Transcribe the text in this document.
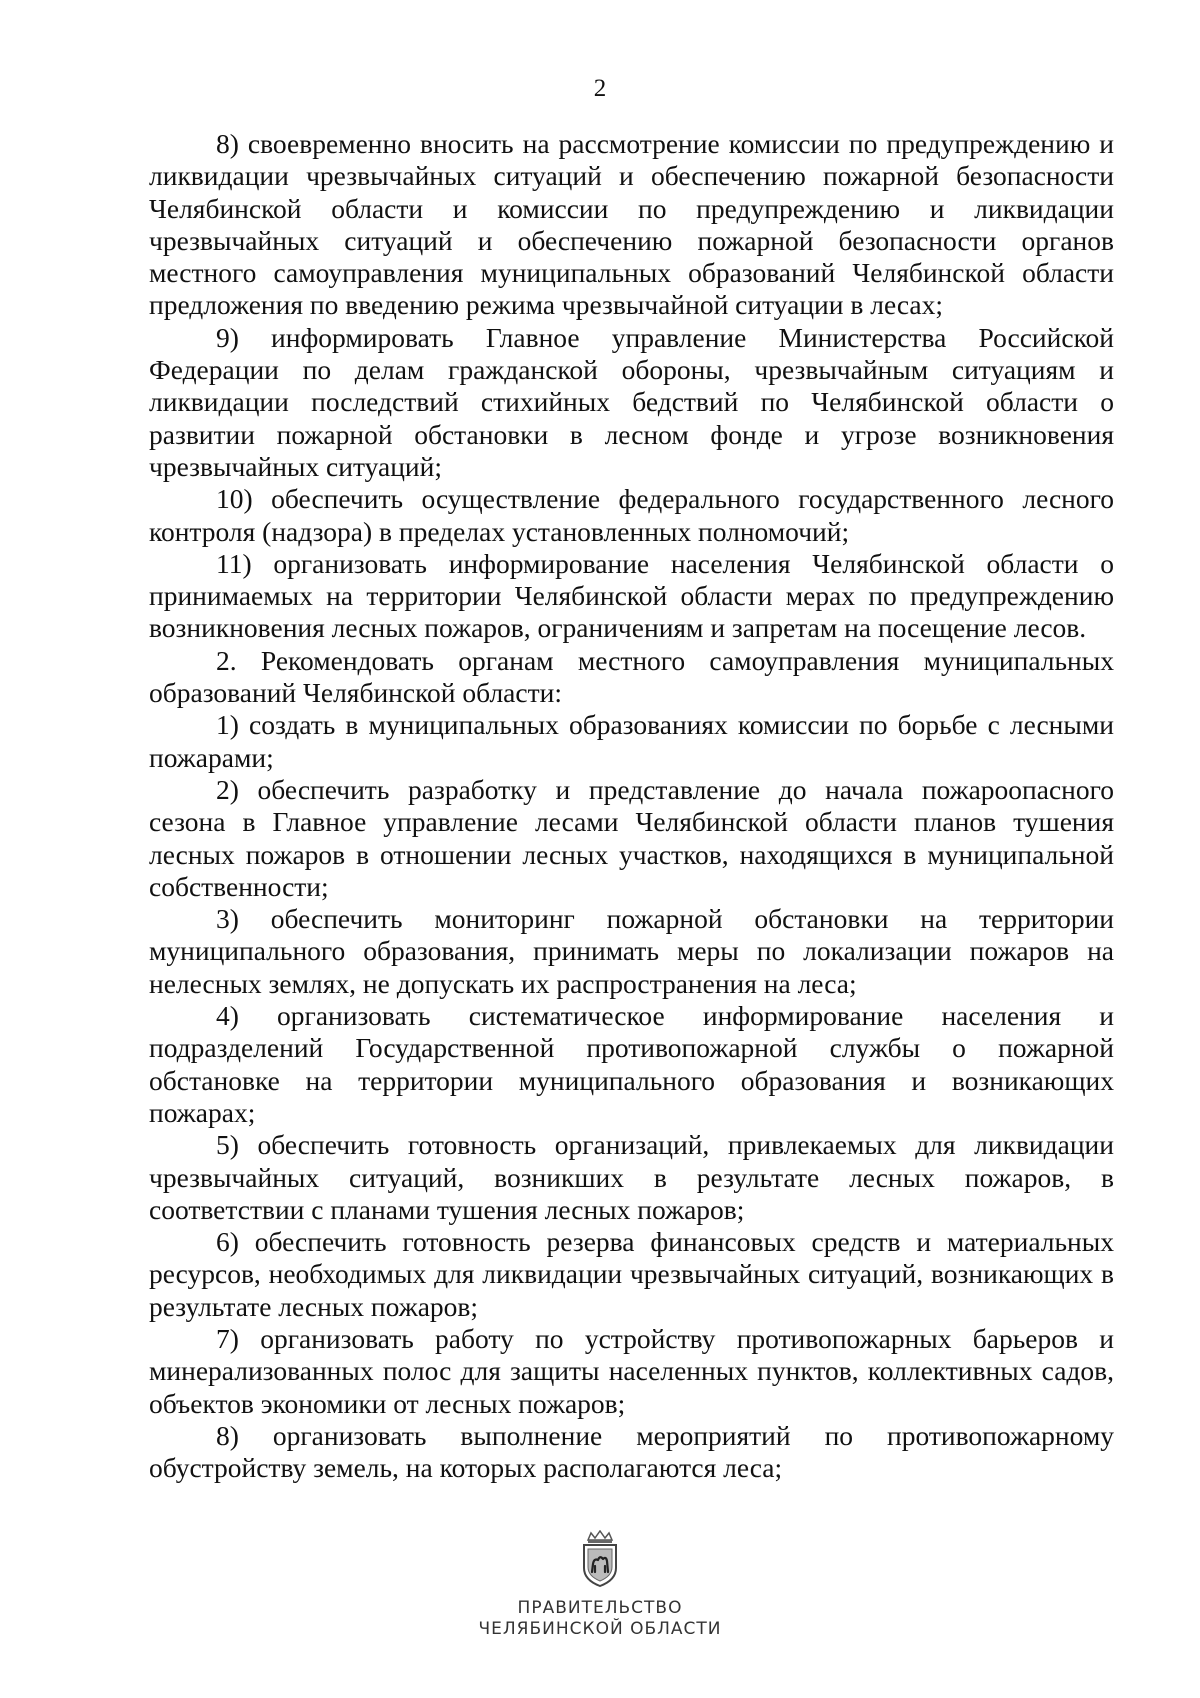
2

8) своевременно вносить на рассмотрение комиссии по предупреждению и ликвидации чрезвычайных ситуаций и обеспечению пожарной безопасности Челябинской области и комиссии по предупреждению и ликвидации чрезвычайных ситуаций и обеспечению пожарной безопасности органов местного самоуправления муниципальных образований Челябинской области предложения по введению режима чрезвычайной ситуации в лесах;

9) информировать Главное управление Министерства Российской Федерации по делам гражданской обороны, чрезвычайным ситуациям и ликвидации последствий стихийных бедствий по Челябинской области о развитии пожарной обстановки в лесном фонде и угрозе возникновения чрезвычайных ситуаций;

10) обеспечить осуществление федерального государственного лесного контроля (надзора) в пределах установленных полномочий;

11) организовать информирование населения Челябинской области о принимаемых на территории Челябинской области мерах по предупреждению возникновения лесных пожаров, ограничениям и запретам на посещение лесов.

2. Рекомендовать органам местного самоуправления муниципальных образований Челябинской области:

1) создать в муниципальных образованиях комиссии по борьбе с лесными пожарами;

2) обеспечить разработку и представление до начала пожароопасного сезона в Главное управление лесами Челябинской области планов тушения лесных пожаров в отношении лесных участков, находящихся в муниципальной собственности;

3) обеспечить мониторинг пожарной обстановки на территории муниципального образования, принимать меры по локализации пожаров на нелесных землях, не допускать их распространения на леса;

4) организовать систематическое информирование населения и подразделений Государственной противопожарной службы о пожарной обстановке на территории муниципального образования и возникающих пожарах;

5) обеспечить готовность организаций, привлекаемых для ликвидации чрезвычайных ситуаций, возникших в результате лесных пожаров, в соответствии с планами тушения лесных пожаров;

6) обеспечить готовность резерва финансовых средств и материальных ресурсов, необходимых для ликвидации чрезвычайных ситуаций, возникающих в результате лесных пожаров;

7) организовать работу по устройству противопожарных барьеров и минерализованных полос для защиты населенных пунктов, коллективных садов, объектов экономики от лесных пожаров;

8) организовать выполнение мероприятий по противопожарному обустройству земель, на которых располагаются леса;

ПРАВИТЕЛЬСТВО
ЧЕЛЯБИНСКОЙ ОБЛАСТИ
